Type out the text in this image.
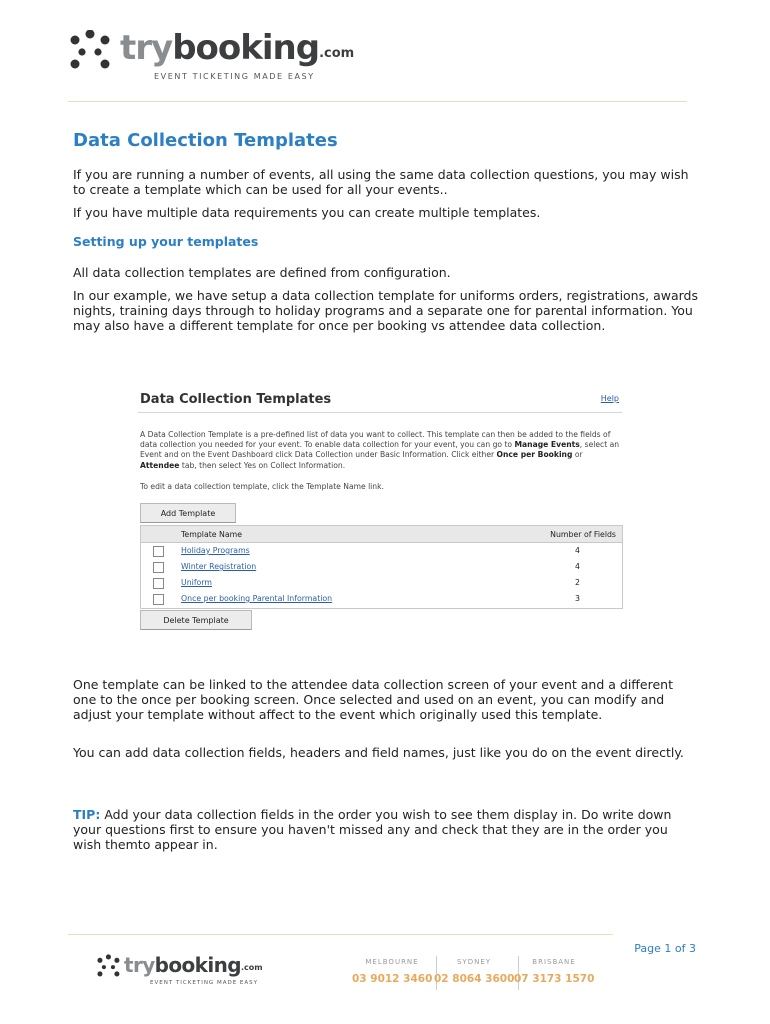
trybooking$^{.com}$
EVENT TICKETING MADE EASY
Data Collection Templates

If you are running a number of events, all using the same data collection questions, you may wish to create a template which can be used for all your events..

If you have multiple data requirements you can create multiple templates.

Setting up your templates

All data collection templates are defined from configuration.

In our example, we have setup a data collection template for uniforms orders, registrations, awards nights, training days through to holiday programs and a separate one for parental information. You may also have a different template for once per booking vs attendee data collection.

Data Collection Templates	Help
A Data Collection Template is a pre-defined list of data you want to collect. This template can then be added to the fields of data collection you needed for your event. To enable data collection for your event, you can go to Manage Events, select an Event and on the Event Dashboard click Data Collection under Basic Information. Click either Once per Booking or Attendee tab, then select Yes on Collect Information.
To edit a data collection template, click the Template Name link.
Add Template
Template Name	Number of Fields
Holiday Programs	4
Winter Registration	4
Uniform	2
Once per booking Parental Information	3
Delete Template

One template can be linked to the attendee data collection screen of your event and a different one to the once per booking screen. Once selected and used on an event, you can modify and adjust your template without affect to the event which originally used this template.

You can add data collection fields, headers and field names, just like you do on the event directly.

TIP: Add your data collection fields in the order you wish to see them display in. Do write down your questions first to ensure you haven't missed any and check that they are in the order you wish themto appear in.

Page 1 of 3
trybooking$^{.com}$
EVENT TICKETING MADE EASY
MELBOURNE
03 9012 3460
SYDNEY
02 8064 3600
BRISBANE
07 3173 1570
